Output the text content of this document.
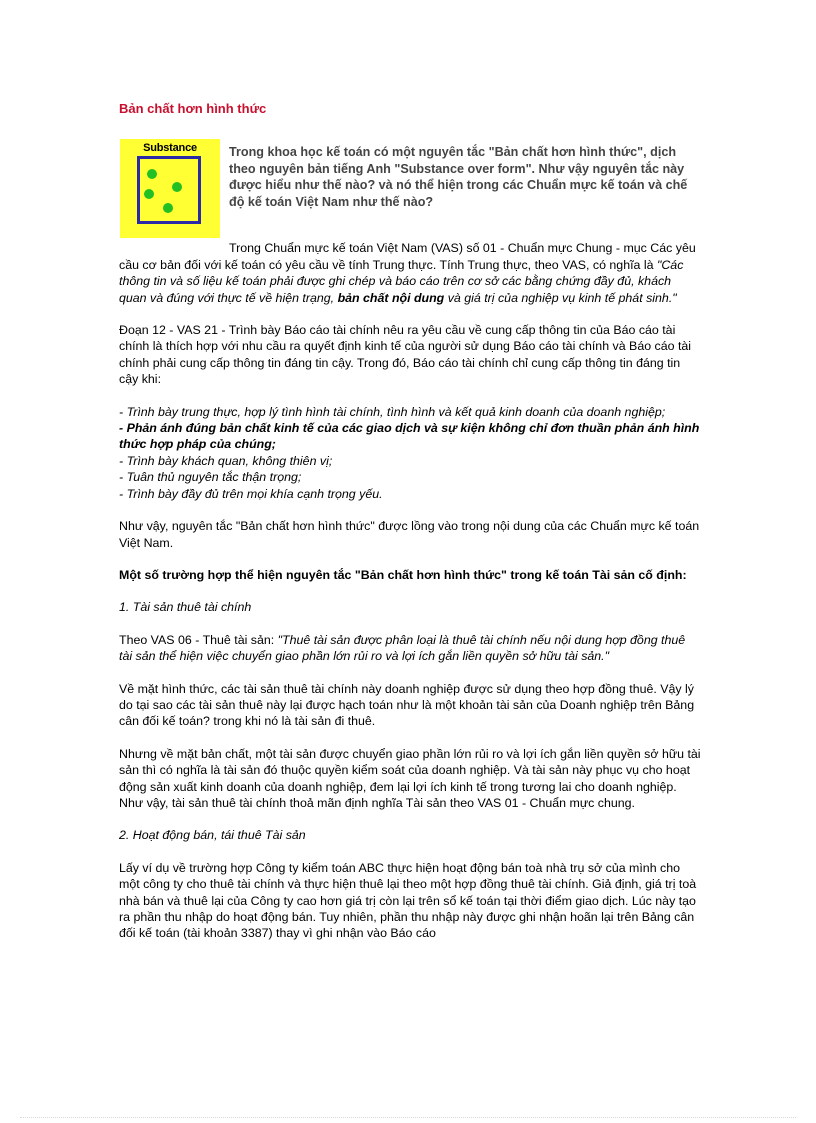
Bản chất hơn hình thức
Substance	Trong khoa học kế toán có một nguyên tắc "Bản chất hơn hình thức", dịch theo nguyên bản tiếng Anh "Substance over form". Như vậy nguyên tắc này được hiểu như thế nào? và nó thể hiện trong các Chuẩn mực kế toán và chế độ kế toán Việt Nam như thế nào?

Trong Chuẩn mực kế toán Việt Nam (VAS) số 01 - Chuẩn mực Chung - mục Các yêu cầu cơ bản đối với kế toán có yêu cầu về tính Trung thực. Tính Trung thực, theo VAS, có nghĩa là "Các thông tin và số liệu kế toán phải được ghi chép và báo cáo trên cơ sở các bằng chứng đầy đủ, khách quan và đúng với thực tế về hiện trạng, bản chất nội dung và giá trị của nghiệp vụ kinh tế phát sinh."

Đoạn 12 - VAS 21 - Trình bày Báo cáo tài chính nêu ra yêu cầu về cung cấp thông tin của Báo cáo tài chính là thích hợp với nhu cầu ra quyết định kinh tế của người sử dụng Báo cáo tài chính và Báo cáo tài chính phải cung cấp thông tin đáng tin cậy. Trong đó, Báo cáo tài chính chỉ cung cấp thông tin đáng tin cậy khi:

- Trình bày trung thực, hợp lý tình hình tài chính, tình hình và kết quả kinh doanh của doanh nghiệp;
- Phản ánh đúng bản chất kinh tế của các giao dịch và sự kiện không chỉ đơn thuần phản ánh hình thức hợp pháp của chúng;
- Trình bày khách quan, không thiên vị;
- Tuân thủ nguyên tắc thận trọng;
- Trình bày đầy đủ trên mọi khía cạnh trọng yếu.

Như vậy, nguyên tắc "Bản chất hơn hình thức" được lồng vào trong nội dung của các Chuẩn mực kế toán Việt Nam.

Một số trường hợp thể hiện nguyên tắc "Bản chất hơn hình thức" trong kế toán Tài sản cố định:

1. Tài sản thuê tài chính

Theo VAS 06 - Thuê tài sản: "Thuê tài sản được phân loại là thuê tài chính nếu nội dung hợp đồng thuê tài sản thể hiện việc chuyển giao phần lớn rủi ro và lợi ích gắn liền quyền sở hữu tài sản."

Về mặt hình thức, các tài sản thuê tài chính này doanh nghiệp được sử dụng theo hợp đồng thuê. Vậy lý do tại sao các tài sản thuê này lại được hạch toán như là một khoản tài sản của Doanh nghiệp trên Bảng cân đối kế toán? trong khi nó là tài sản đi thuê.

Nhưng về mặt bản chất, một tài sản được chuyển giao phần lớn rủi ro và lợi ích gắn liền quyền sở hữu tài sản thì có nghĩa là tài sản đó thuộc quyền kiểm soát của doanh nghiệp. Và tài sản này phục vụ cho hoạt động sản xuất kinh doanh của doanh nghiệp, đem lại lợi ích kinh tế trong tương lai cho doanh nghiệp. Như vậy, tài sản thuê tài chính thoả mãn định nghĩa Tài sản theo VAS 01 - Chuẩn mực chung.

2. Hoạt động bán, tái thuê Tài sản

Lấy ví dụ về trường hợp Công ty kiểm toán ABC thực hiện hoạt động bán toà nhà trụ sở của mình cho một công ty cho thuê tài chính và thực hiện thuê lại theo một hợp đồng thuê tài chính. Giả định, giá trị toà nhà bán và thuê lại của Công ty cao hơn giá trị còn lại trên sổ kế toán tại thời điểm giao dịch. Lúc này tạo ra phần thu nhập do hoạt động bán. Tuy nhiên, phần thu nhập này được ghi nhận hoãn lại trên Bảng cân đối kế toán (tài khoản 3387) thay vì ghi nhận vào Báo cáo
